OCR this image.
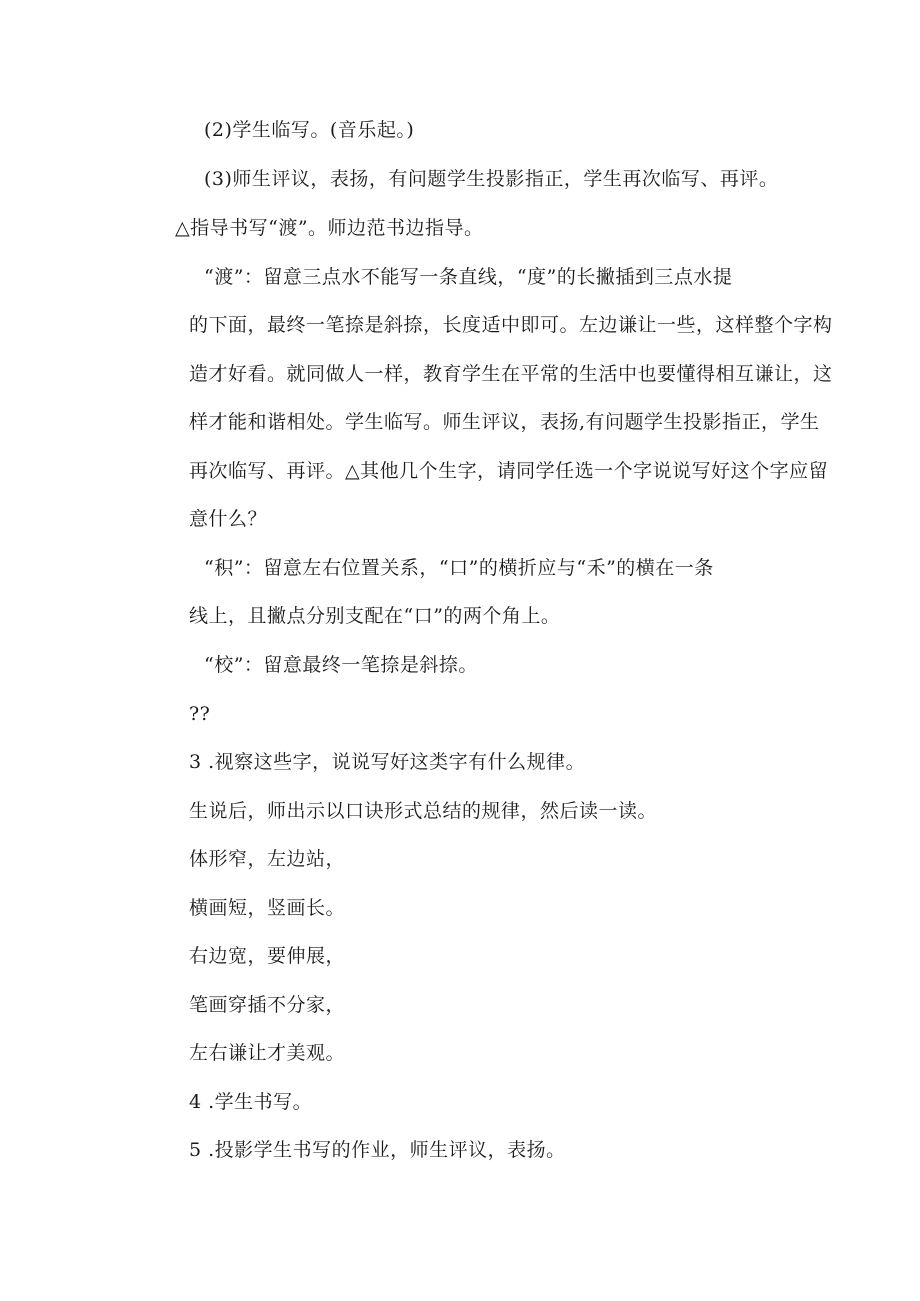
(2)学生临写。(音乐起。)
(3)师生评议，表扬，有问题学生投影指正，学生再次临写、再评。
△指导书写“渡”。师边范书边指导。
“渡”：留意三点水不能写一条直线，“度”的长撇插到三点水提
的下面，最终一笔捺是斜捺，长度适中即可。左边谦让一些，这样整个字构
造才好看。就同做人一样，教育学生在平常的生活中也要懂得相互谦让，这
样才能和谐相处。学生临写。师生评议，表扬,有问题学生投影指正，学生
再次临写、再评。△其他几个生字，请同学任选一个字说说写好这个字应留
意什么？
“积”：留意左右位置关系，“口”的横折应与“禾”的横在一条
线上，且撇点分别支配在“口”的两个角上。
“校”：留意最终一笔捺是斜捺。
??
3 .视察这些字，说说写好这类字有什么规律。
生说后，师出示以口诀形式总结的规律，然后读一读。
体形窄，左边站，
横画短，竖画长。
右边宽，要伸展，
笔画穿插不分家，
左右谦让才美观。
4 .学生书写。
5 .投影学生书写的作业，师生评议，表扬。
